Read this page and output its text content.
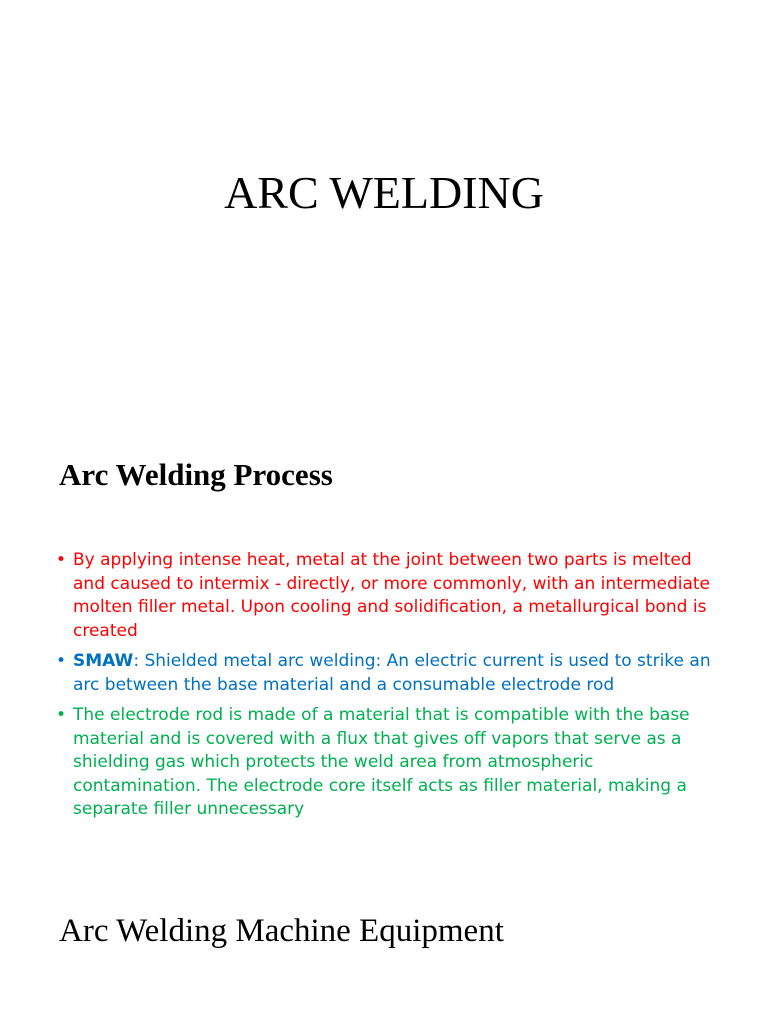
ARC WELDING
Arc Welding Process
• By applying intense heat, metal at the joint between two parts is melted and caused to intermix - directly, or more commonly, with an intermediate molten filler metal. Upon cooling and solidification, a metallurgical bond is created
• SMAW: Shielded metal arc welding: An electric current is used to strike an arc between the base material and a consumable electrode rod
• The electrode rod is made of a material that is compatible with the base material and is covered with a flux that gives off vapors that serve as a shielding gas which protects the weld area from atmospheric contamination. The electrode core itself acts as filler material, making a separate filler unnecessary
Arc Welding Machine Equipment
